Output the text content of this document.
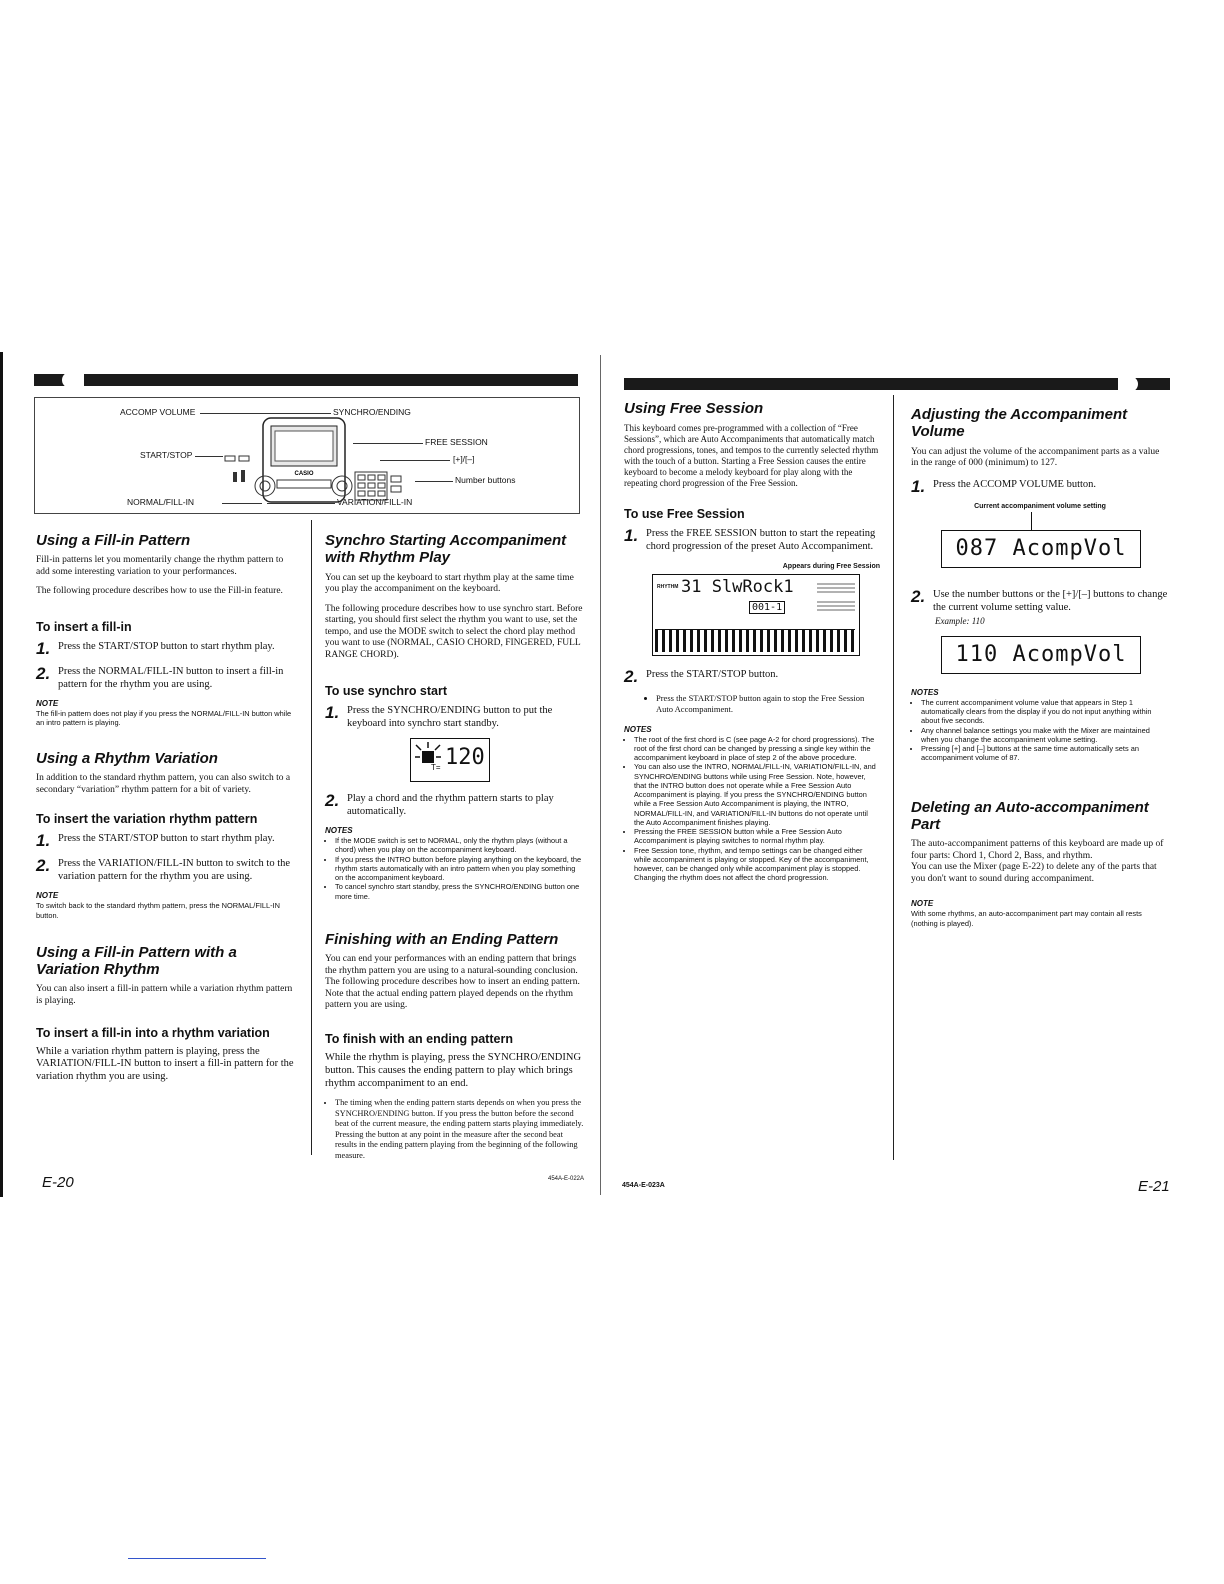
ACCOMP VOLUME
START/STOP
NORMAL/FILL-IN
SYNCHRO/ENDING
FREE SESSION
[+]/[–]
Number buttons
VARIATION/FILL-IN
CASIO
Using a Fill-in Pattern

Fill-in patterns let you momentarily change the rhythm pattern to add some interesting variation to your performances.

The following procedure describes how to use the Fill-in feature.

To insert a fill-in
1. Press the START/STOP button to start rhythm play.
2. Press the NORMAL/FILL-IN button to insert a fill-in pattern for the rhythm you are using.
NOTE

The fill-in pattern does not play if you press the NORMAL/FILL-IN button while an intro pattern is playing.

Using a Rhythm Variation

In addition to the standard rhythm pattern, you can also switch to a secondary “variation” rhythm pattern for a bit of variety.

To insert the variation rhythm pattern
1. Press the START/STOP button to start rhythm play.
2. Press the VARIATION/FILL-IN button to switch to the variation pattern for the rhythm you are using.
NOTE

To switch back to the standard rhythm pattern, press the NORMAL/FILL-IN button.

Using a Fill-in Pattern with a Variation Rhythm

You can also insert a fill-in pattern while a variation rhythm pattern is playing.

To insert a fill-in into a rhythm variation

While a variation rhythm pattern is playing, press the VARIATION/FILL-IN button to insert a fill-in pattern for the variation rhythm you are using.

Synchro Starting Accompaniment with Rhythm Play

You can set up the keyboard to start rhythm play at the same time you play the accompaniment on the keyboard.

The following procedure describes how to use synchro start. Before starting, you should first select the rhythm you want to use, set the tempo, and use the MODE switch to select the chord play method you want to use (NORMAL, CASIO CHORD, FINGERED, FULL RANGE CHORD).

To use synchro start
1. Press the SYNCHRO/ENDING button to put the keyboard into synchro start standby.
T= 120
2. Play a chord and the rhythm pattern starts to play automatically.
NOTES
• If the MODE switch is set to NORMAL, only the rhythm plays (without a chord) when you play on the accompaniment keyboard.
• If you press the INTRO button before playing anything on the keyboard, the rhythm starts automatically with an intro pattern when you play something on the accompaniment keyboard.
• To cancel synchro start standby, press the SYNCHRO/ENDING button one more time.
Finishing with an Ending Pattern

You can end your performances with an ending pattern that brings the rhythm pattern you are using to a natural-sounding conclusion. The following procedure describes how to insert an ending pattern. Note that the actual ending pattern played depends on the rhythm pattern you are using.

To finish with an ending pattern

While the rhythm is playing, press the SYNCHRO/ENDING button. This causes the ending pattern to play which brings rhythm accompaniment to an end.

• The timing when the ending pattern starts depends on when you press the SYNCHRO/ENDING button. If you press the button before the second beat of the current measure, the ending pattern starts playing immediately. Pressing the button at any point in the measure after the second beat results in the ending pattern playing from the beginning of the following measure.
Using Free Session

This keyboard comes pre-programmed with a collection of “Free Sessions”, which are Auto Accompaniments that automatically match chord progressions, tones, and tempos to the currently selected rhythm with the touch of a button. Starting a Free Session causes the entire keyboard to become a melody keyboard for play along with the repeating chord progression of the Free Session.

To use Free Session
1. Press the FREE SESSION button to start the repeating chord progression of the preset Auto Accompaniment.
Appears during Free Session
RHYTHM 31 SlwRock1
001-1
2. Press the START/STOP button.
• Press the START/STOP button again to stop the Free Session Auto Accompaniment.
NOTES
• The root of the first chord is C (see page A-2 for chord progressions). The root of the first chord can be changed by pressing a single key within the accompaniment keyboard in place of step 2 of the above procedure.
• You can also use the INTRO, NORMAL/FILL-IN, VARIATION/FILL-IN, and SYNCHRO/ENDING buttons while using Free Session. Note, however, that the INTRO button does not operate while a Free Session Auto Accompaniment is playing. If you press the SYNCHRO/ENDING button while a Free Session Auto Accompaniment is playing, the INTRO, NORMAL/FILL-IN, and VARIATION/FILL-IN buttons do not operate until the Auto Accompaniment finishes playing.
• Pressing the FREE SESSION button while a Free Session Auto Accompaniment is playing switches to normal rhythm play.
• Free Session tone, rhythm, and tempo settings can be changed either while accompaniment is playing or stopped. Key of the accompaniment, however, can be changed only while accompaniment play is stopped. Changing the rhythm does not affect the chord progression.
Adjusting the Accompaniment Volume

You can adjust the volume of the accompaniment parts as a value in the range of 000 (minimum) to 127.

1. Press the ACCOMP VOLUME button.
Current accompaniment volume setting
087 AcompVol
2. Use the number buttons or the [+]/[–] buttons to change the current volume setting value.
Example: 110
110 AcompVol
NOTES
• The current accompaniment volume value that appears in Step 1 automatically clears from the display if you do not input anything within about five seconds.
• Any channel balance settings you make with the Mixer are maintained when you change the accompaniment volume setting.
• Pressing [+] and [–] buttons at the same time automatically sets an accompaniment volume of 87.
Deleting an Auto-accompaniment Part

The auto-accompaniment patterns of this keyboard are made up of four parts: Chord 1, Chord 2, Bass, and rhythm.

You can use the Mixer (page E-22) to delete any of the parts that you don't want to sound during accompaniment.

NOTE

With some rhythms, an auto-accompaniment part may contain all rests (nothing is played).

E-20	454A-E-022A
454A-E-023A	E-21
